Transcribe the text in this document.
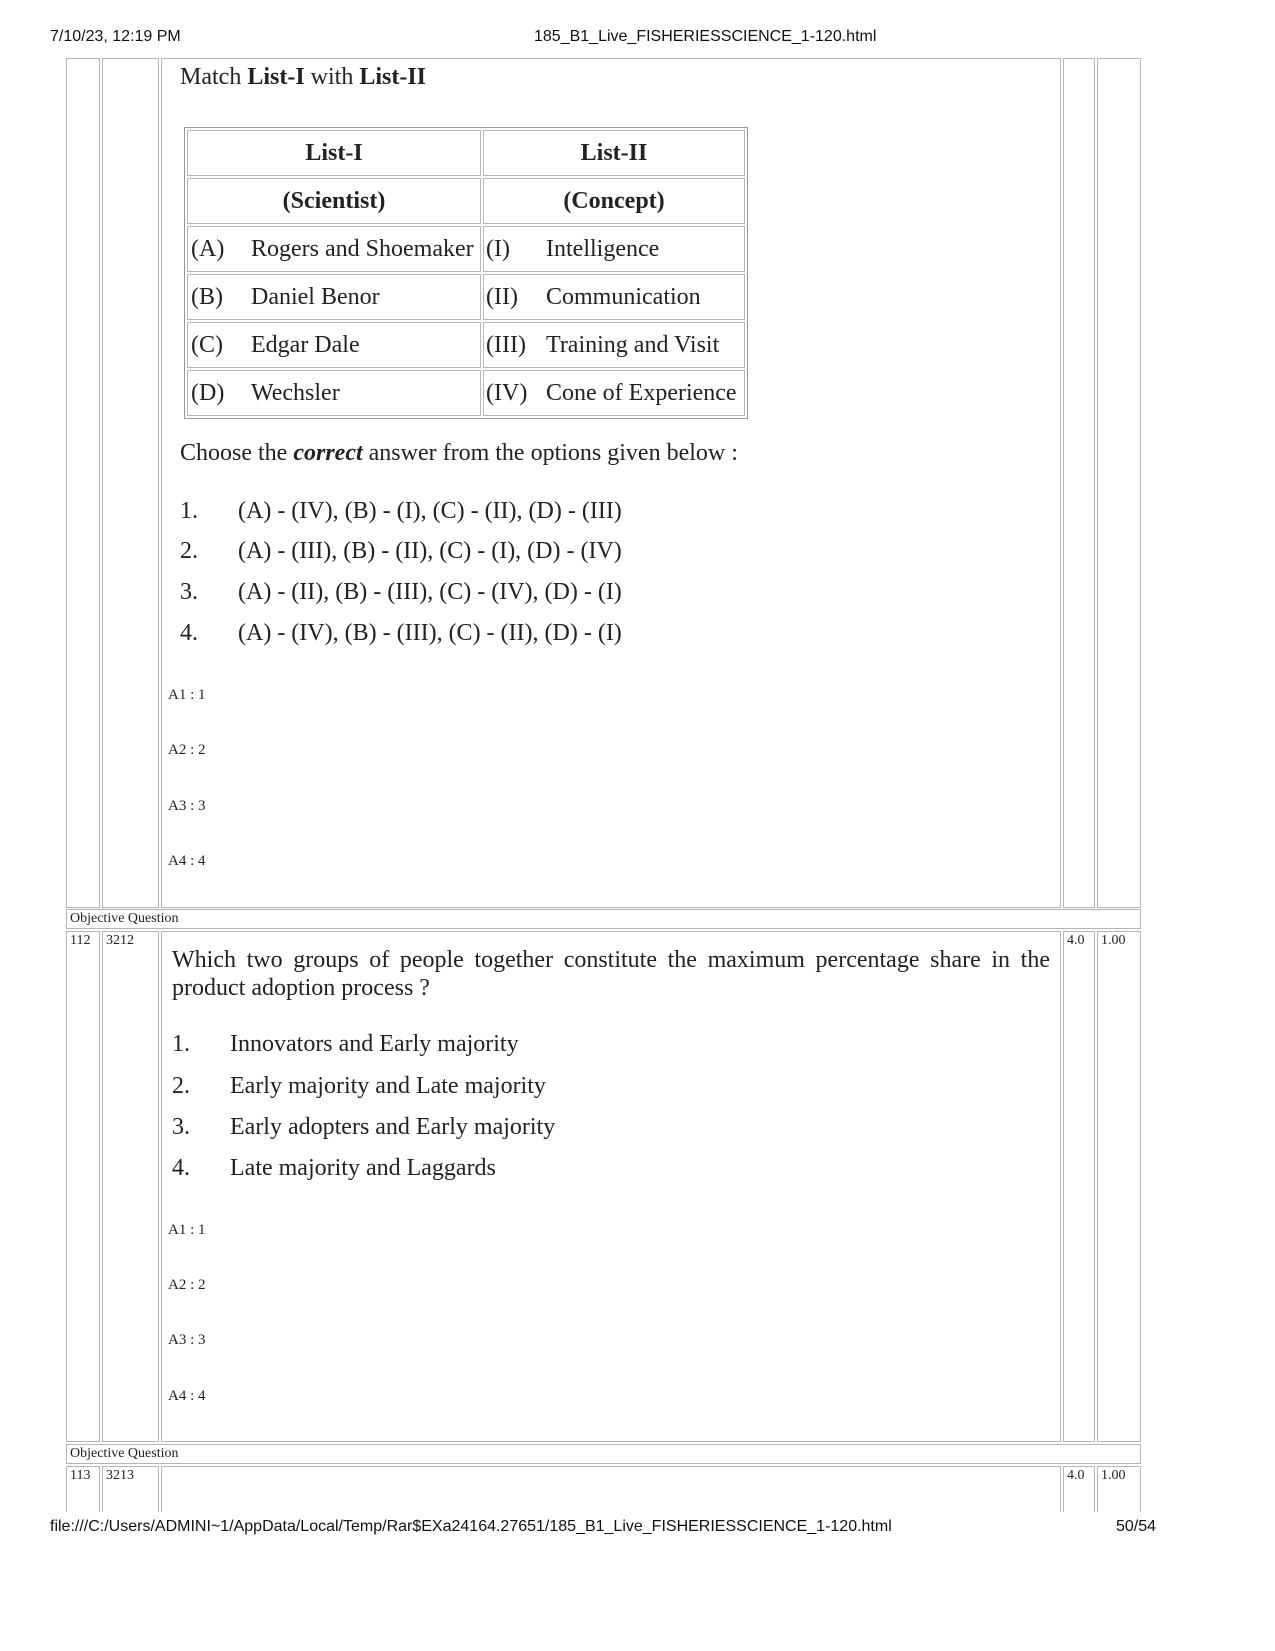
7/10/23, 12:19 PM	185_B1_Live_FISHERIESSCIENCE_1-120.html
Match List-I with List-II
List-I	List-II
(Scientist)	(Concept)
(A) Rogers and Shoemaker	(I) Intelligence
(B) Daniel Benor	(II) Communication
(C) Edgar Dale	(III) Training and Visit
(D) Wechsler	(IV) Cone of Experience
Choose the correct answer from the options given below :
1. (A) - (IV), (B) - (I), (C) - (II), (D) - (III)
2. (A) - (III), (B) - (II), (C) - (I), (D) - (IV)
3. (A) - (II), (B) - (III), (C) - (IV), (D) - (I)
4. (A) - (IV), (B) - (III), (C) - (II), (D) - (I)
A1 : 1
A2 : 2
A3 : 3
A4 : 4
Objective Question
112	3212	4.0	1.00
Which two groups of people together constitute the maximum percentage share in the product adoption process ?
1. Innovators and Early majority
2. Early majority and Late majority
3. Early adopters and Early majority
4. Late majority and Laggards
A1 : 1
A2 : 2
A3 : 3
A4 : 4
Objective Question
113	3213	4.0	1.00
file:///C:/Users/ADMINI~1/AppData/Local/Temp/Rar$EXa24164.27651/185_B1_Live_FISHERIESSCIENCE_1-120.html	50/54
